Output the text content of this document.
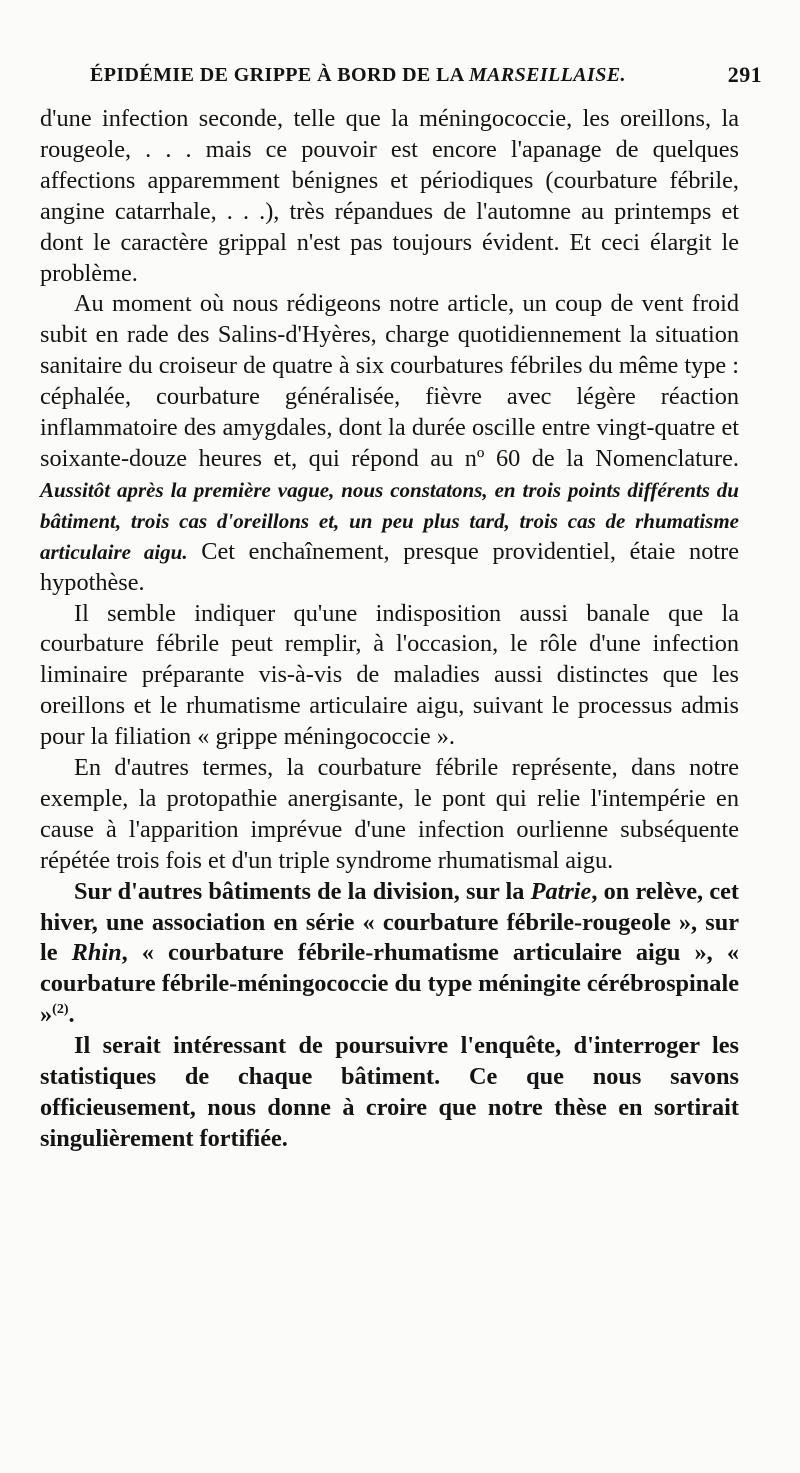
ÉPIDÉMIE DE GRIPPE À BORD DE LA MARSEILLAISE.	291

d'une infection seconde, telle que la méningococcie, les oreillons, la rougeole, . . . mais ce pouvoir est encore l'apanage de quelques affections apparemment bénignes et périodiques (courbature fébrile, angine catarrhale, . . .), très répandues de l'automne au printemps et dont le caractère grippal n'est pas toujours évident. Et ceci élargit le problème.

Au moment où nous rédigeons notre article, un coup de vent froid subit en rade des Salins-d'Hyères, charge quotidiennement la situation sanitaire du croiseur de quatre à six courbatures fébriles du même type : céphalée, courbature généralisée, fièvre avec légère réaction inflammatoire des amygdales, dont la durée oscille entre vingt-quatre et soixante-douze heures et, qui répond au nº 60 de la Nomenclature. Aussitôt après la première vague, nous constatons, en trois points différents du bâtiment, trois cas d'oreillons et, un peu plus tard, trois cas de rhumatisme articulaire aigu. Cet enchaînement, presque providentiel, étaie notre hypothèse.

Il semble indiquer qu'une indisposition aussi banale que la courbature fébrile peut remplir, à l'occasion, le rôle d'une infection liminaire préparante vis-à-vis de maladies aussi distinctes que les oreillons et le rhumatisme articulaire aigu, suivant le processus admis pour la filiation « grippe méningococcie ».

En d'autres termes, la courbature fébrile représente, dans notre exemple, la protopathie anergisante, le pont qui relie l'intempérie en cause à l'apparition imprévue d'une infection ourlienne subséquente répétée trois fois et d'un triple syndrome rhumatismal aigu.

Sur d'autres bâtiments de la division, sur la Patrie, on relève, cet hiver, une association en série « courbature fébrile-rougeole », sur le Rhin, « courbature fébrile-rhumatisme articulaire aigu », « courbature fébrile-méningococcie du type méningite cérébrospinale »$^{(2)}$.

Il serait intéressant de poursuivre l'enquête, d'interroger les statistiques de chaque bâtiment. Ce que nous savons officieusement, nous donne à croire que notre thèse en sortirait singulièrement fortifiée.
